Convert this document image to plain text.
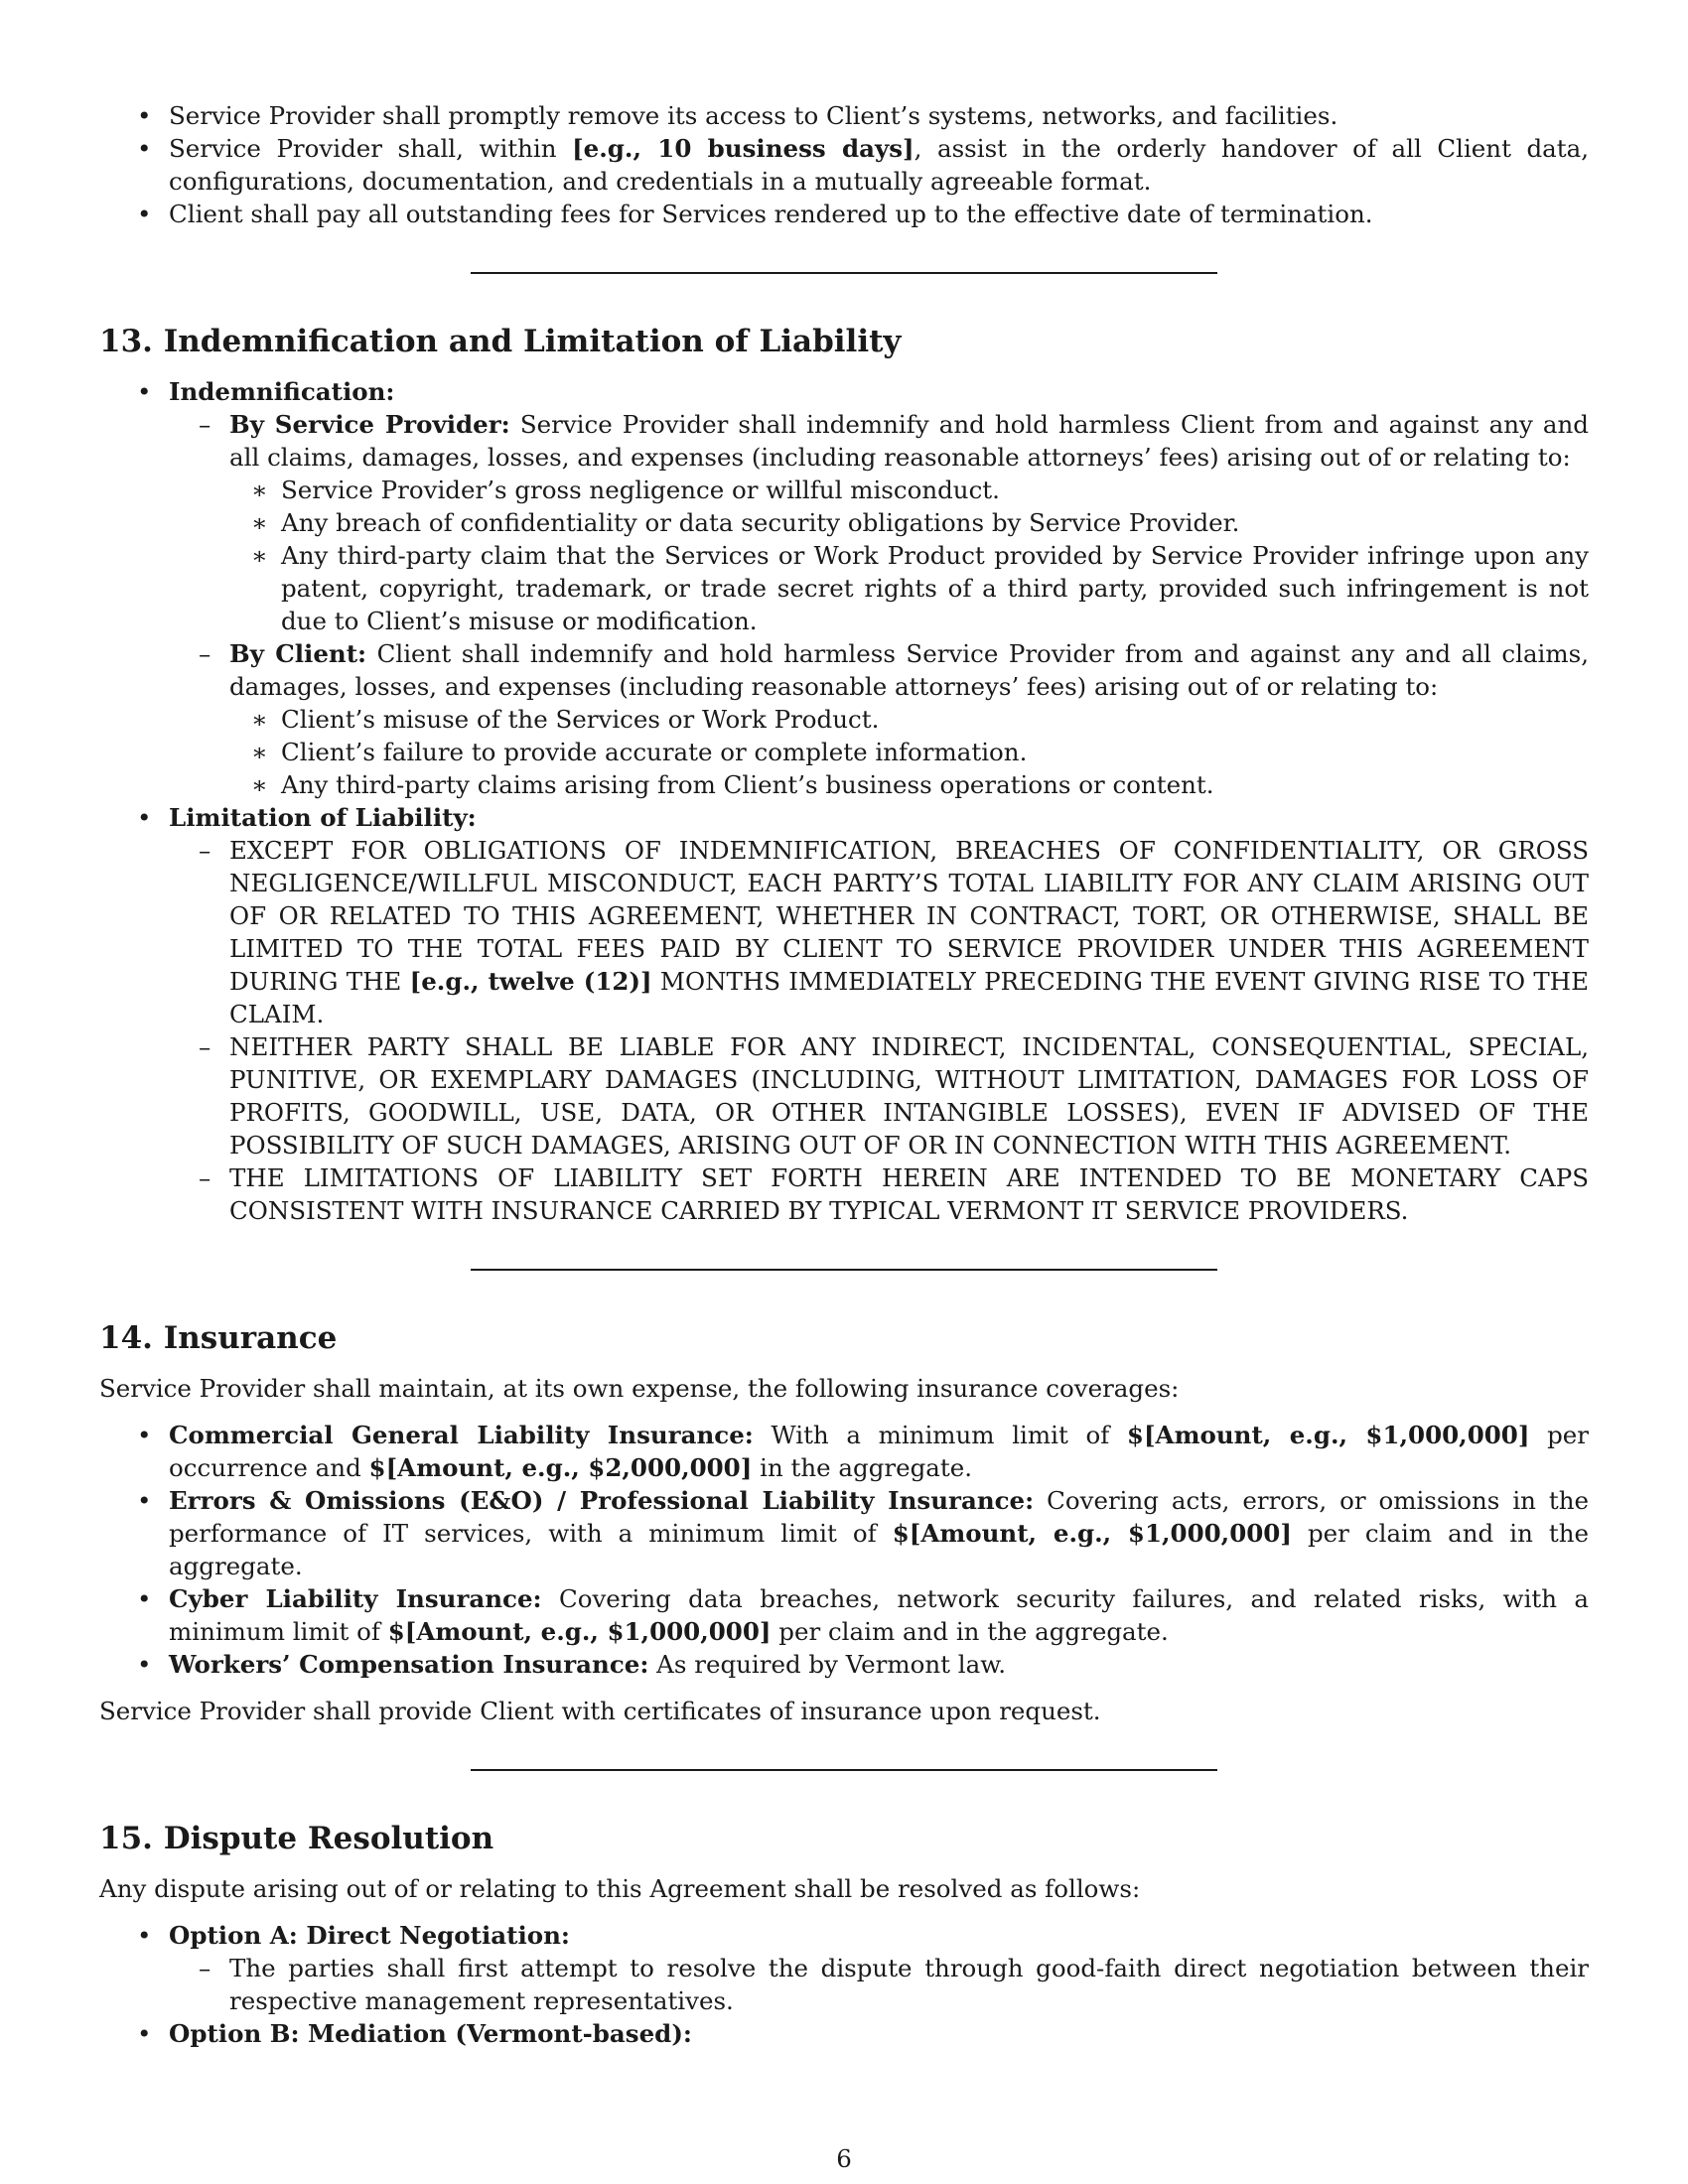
• Service Provider shall promptly remove its access to Client’s systems, networks, and facilities.
• Service Provider shall, within [e.g., 10 business days], assist in the orderly handover of all Client data, configurations, documentation, and credentials in a mutually agreeable format.
• Client shall pay all outstanding fees for Services rendered up to the effective date of termination.
13. Indemnification and Limitation of Liability
• Indemnification:
– By Service Provider: Service Provider shall indemnify and hold harmless Client from and against any and all claims, damages, losses, and expenses (including reasonable attorneys’ fees) arising out of or relating to:
∗ Service Provider’s gross negligence or willful misconduct.
∗ Any breach of confidentiality or data security obligations by Service Provider.
∗ Any third-party claim that the Services or Work Product provided by Service Provider infringe upon any patent, copyright, trademark, or trade secret rights of a third party, provided such infringement is not due to Client’s misuse or modification.
– By Client: Client shall indemnify and hold harmless Service Provider from and against any and all claims, damages, losses, and expenses (including reasonable attorneys’ fees) arising out of or relating to:
∗ Client’s misuse of the Services or Work Product.
∗ Client’s failure to provide accurate or complete information.
∗ Any third-party claims arising from Client’s business operations or content.
• Limitation of Liability:
– EXCEPT FOR OBLIGATIONS OF INDEMNIFICATION, BREACHES OF CONFIDENTIALITY, OR GROSS NEGLIGENCE/WILLFUL MISCONDUCT, EACH PARTY’S TOTAL LIABILITY FOR ANY CLAIM ARISING OUT OF OR RELATED TO THIS AGREEMENT, WHETHER IN CONTRACT, TORT, OR OTHERWISE, SHALL BE LIMITED TO THE TOTAL FEES PAID BY CLIENT TO SERVICE PROVIDER UNDER THIS AGREEMENT DURING THE [e.g., twelve (12)] MONTHS IMMEDIATELY PRECEDING THE EVENT GIVING RISE TO THE CLAIM.
– NEITHER PARTY SHALL BE LIABLE FOR ANY INDIRECT, INCIDENTAL, CONSEQUENTIAL, SPECIAL, PUNITIVE, OR EXEMPLARY DAMAGES (INCLUDING, WITHOUT LIMITATION, DAMAGES FOR LOSS OF PROFITS, GOODWILL, USE, DATA, OR OTHER INTANGIBLE LOSSES), EVEN IF ADVISED OF THE POSSIBILITY OF SUCH DAMAGES, ARISING OUT OF OR IN CONNECTION WITH THIS AGREEMENT.
– THE LIMITATIONS OF LIABILITY SET FORTH HEREIN ARE INTENDED TO BE MONETARY CAPS CONSISTENT WITH INSURANCE CARRIED BY TYPICAL VERMONT IT SERVICE PROVIDERS.
14. Insurance

Service Provider shall maintain, at its own expense, the following insurance coverages:

• Commercial General Liability Insurance: With a minimum limit of $[Amount, e.g., $1,000,000] per occurrence and $[Amount, e.g., $2,000,000] in the aggregate.
• Errors & Omissions (E&O) / Professional Liability Insurance: Covering acts, errors, or omissions in the performance of IT services, with a minimum limit of $[Amount, e.g., $1,000,000] per claim and in the aggregate.
• Cyber Liability Insurance: Covering data breaches, network security failures, and related risks, with a minimum limit of $[Amount, e.g., $1,000,000] per claim and in the aggregate.
• Workers’ Compensation Insurance: As required by Vermont law.

Service Provider shall provide Client with certificates of insurance upon request.

15. Dispute Resolution

Any dispute arising out of or relating to this Agreement shall be resolved as follows:

• Option A: Direct Negotiation:
– The parties shall first attempt to resolve the dispute through good-faith direct negotiation between their respective management representatives.
• Option B: Mediation (Vermont-based):
6
